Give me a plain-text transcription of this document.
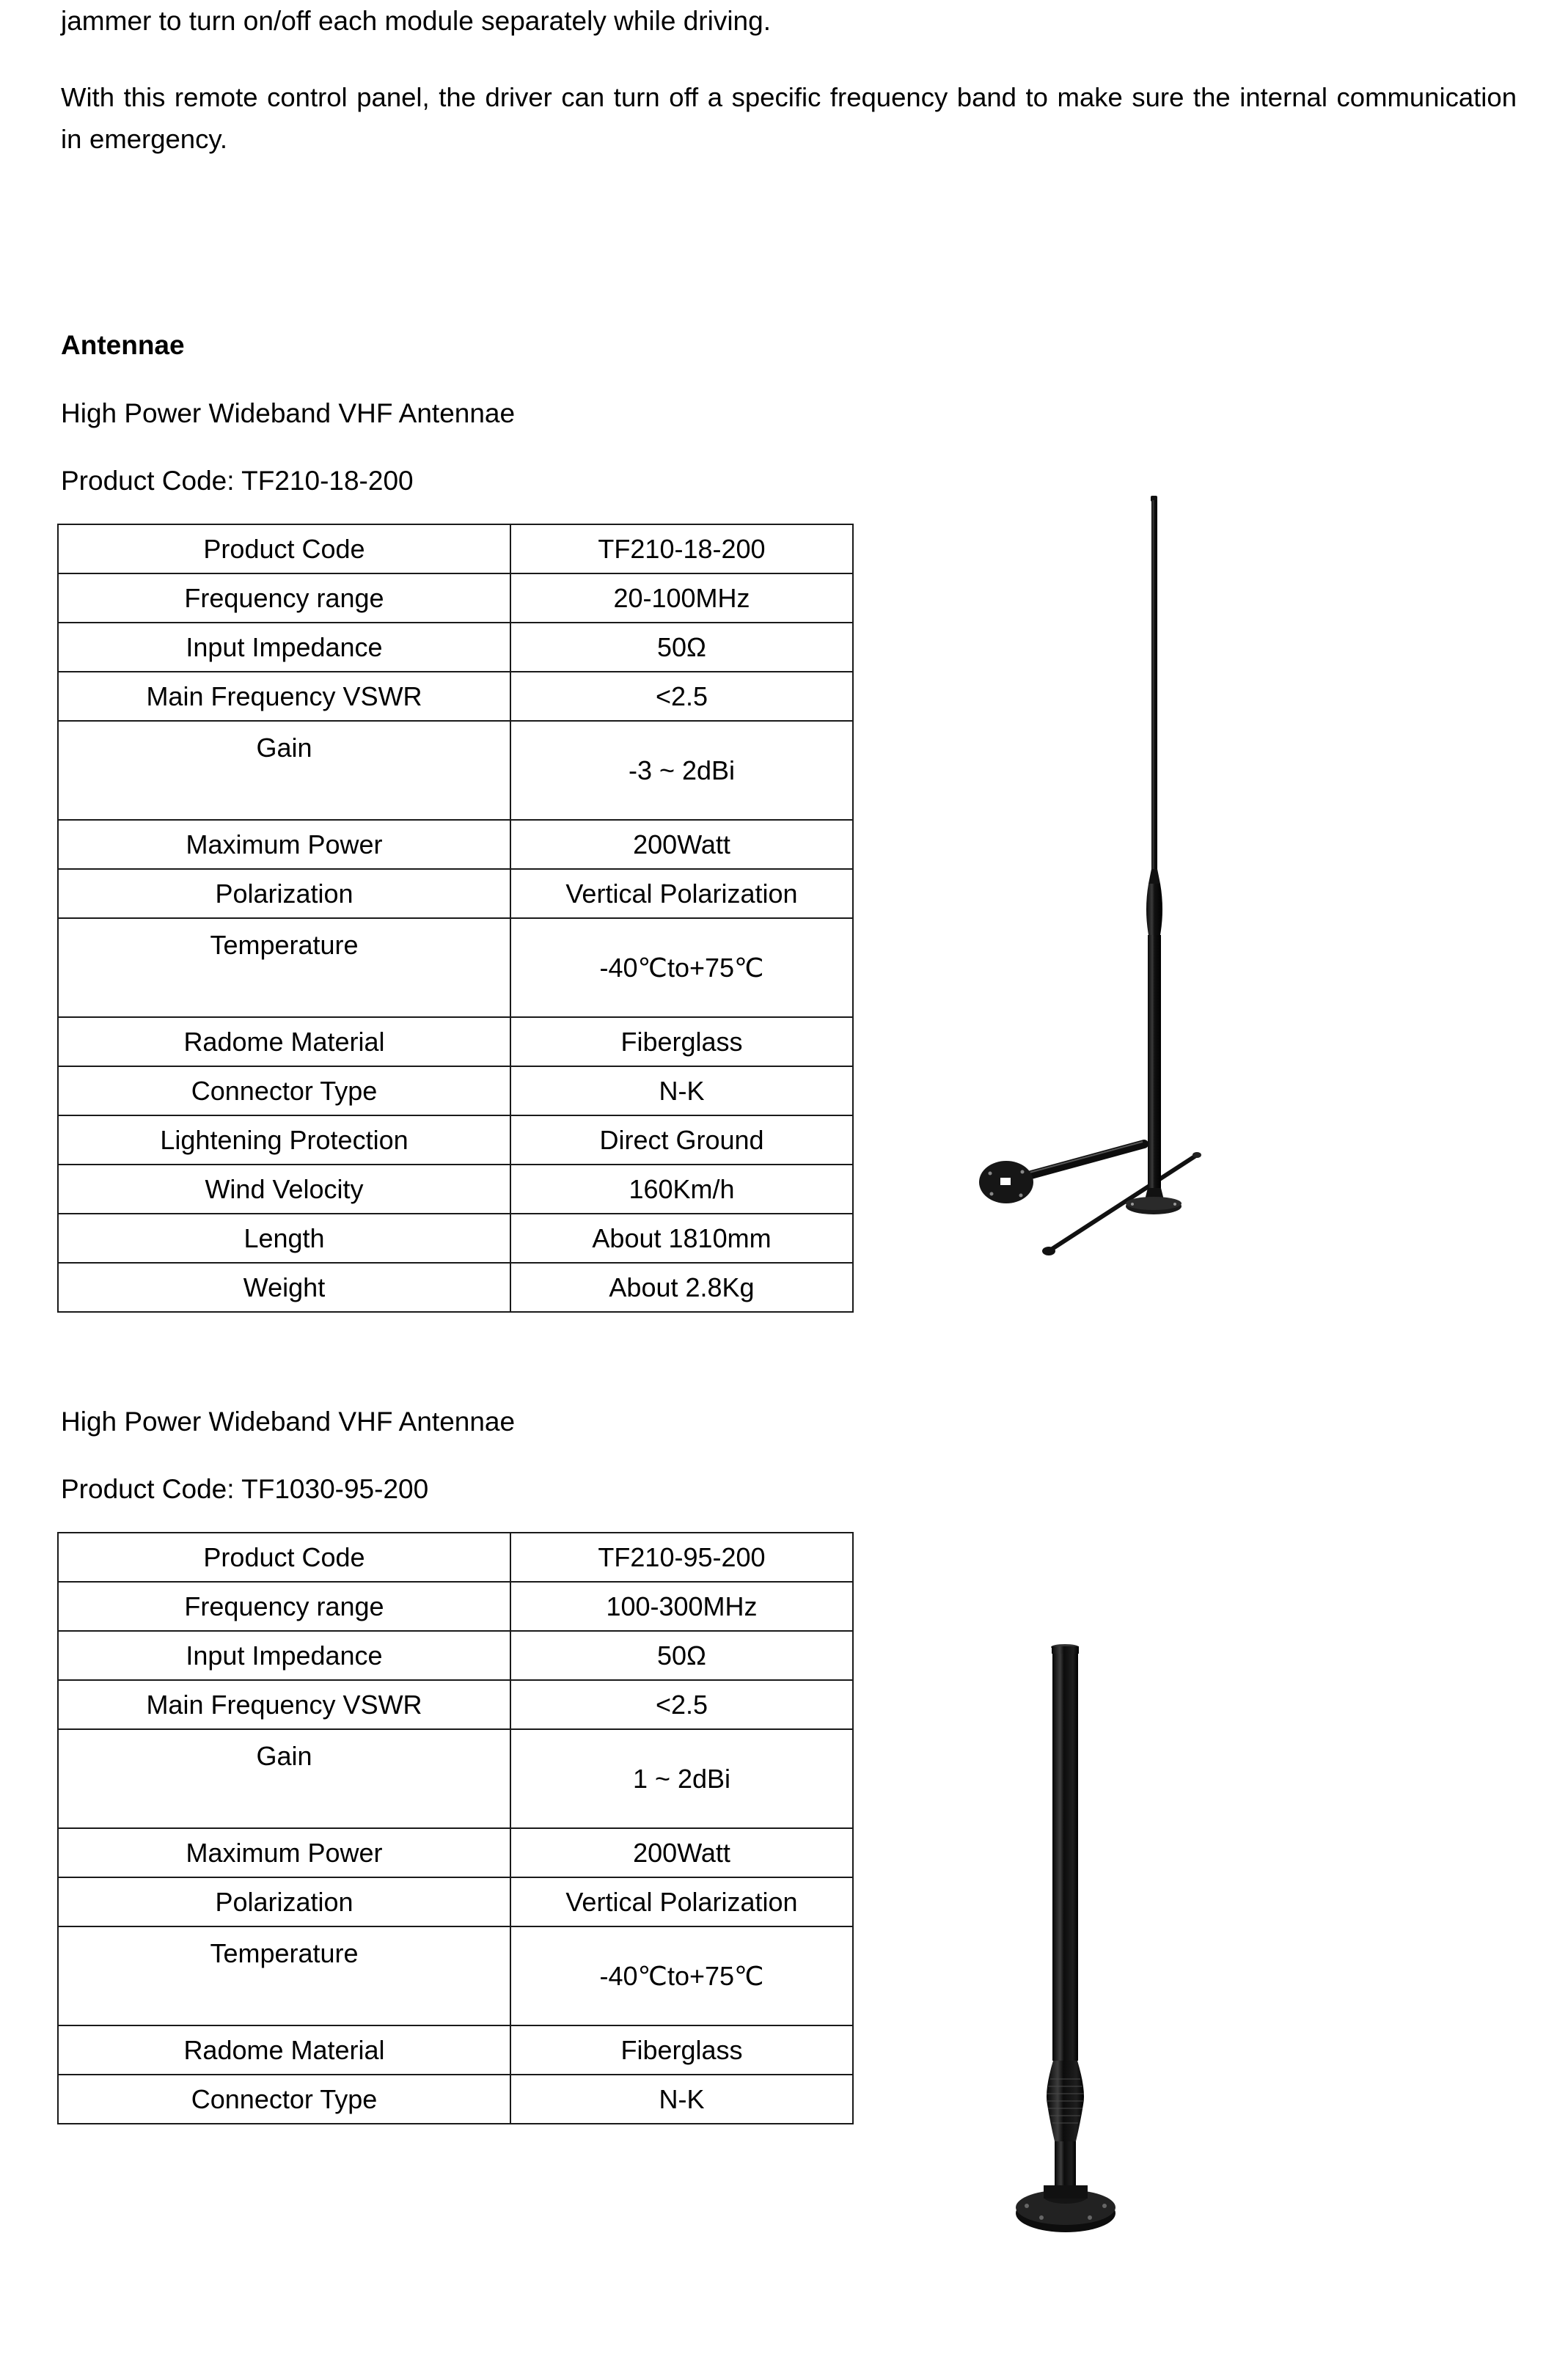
jammer to turn on/off each module separately while driving.
With this remote control panel, the driver can turn off a specific frequency band to make sure the internal communication in emergency.
Antennae
High Power Wideband VHF Antennae
Product Code: TF210-18-200
Product Code	TF210-18-200
Frequency range	20-100MHz
Input Impedance	50Ω
Main Frequency VSWR	<2.5
Gain	-3 ~ 2dBi
Maximum Power	200Watt
Polarization	Vertical Polarization
Temperature	-40℃to+75℃
Radome Material	Fiberglass
Connector Type	N-K
Lightening Protection	Direct Ground
Wind Velocity	160Km/h
Length	About 1810mm
Weight	About 2.8Kg
High Power Wideband VHF Antennae
Product Code: TF1030-95-200
Product Code	TF210-95-200
Frequency range	100-300MHz
Input Impedance	50Ω
Main Frequency VSWR	<2.5
Gain	1 ~ 2dBi
Maximum Power	200Watt
Polarization	Vertical Polarization
Temperature	-40℃to+75℃
Radome Material	Fiberglass
Connector Type	N-K
